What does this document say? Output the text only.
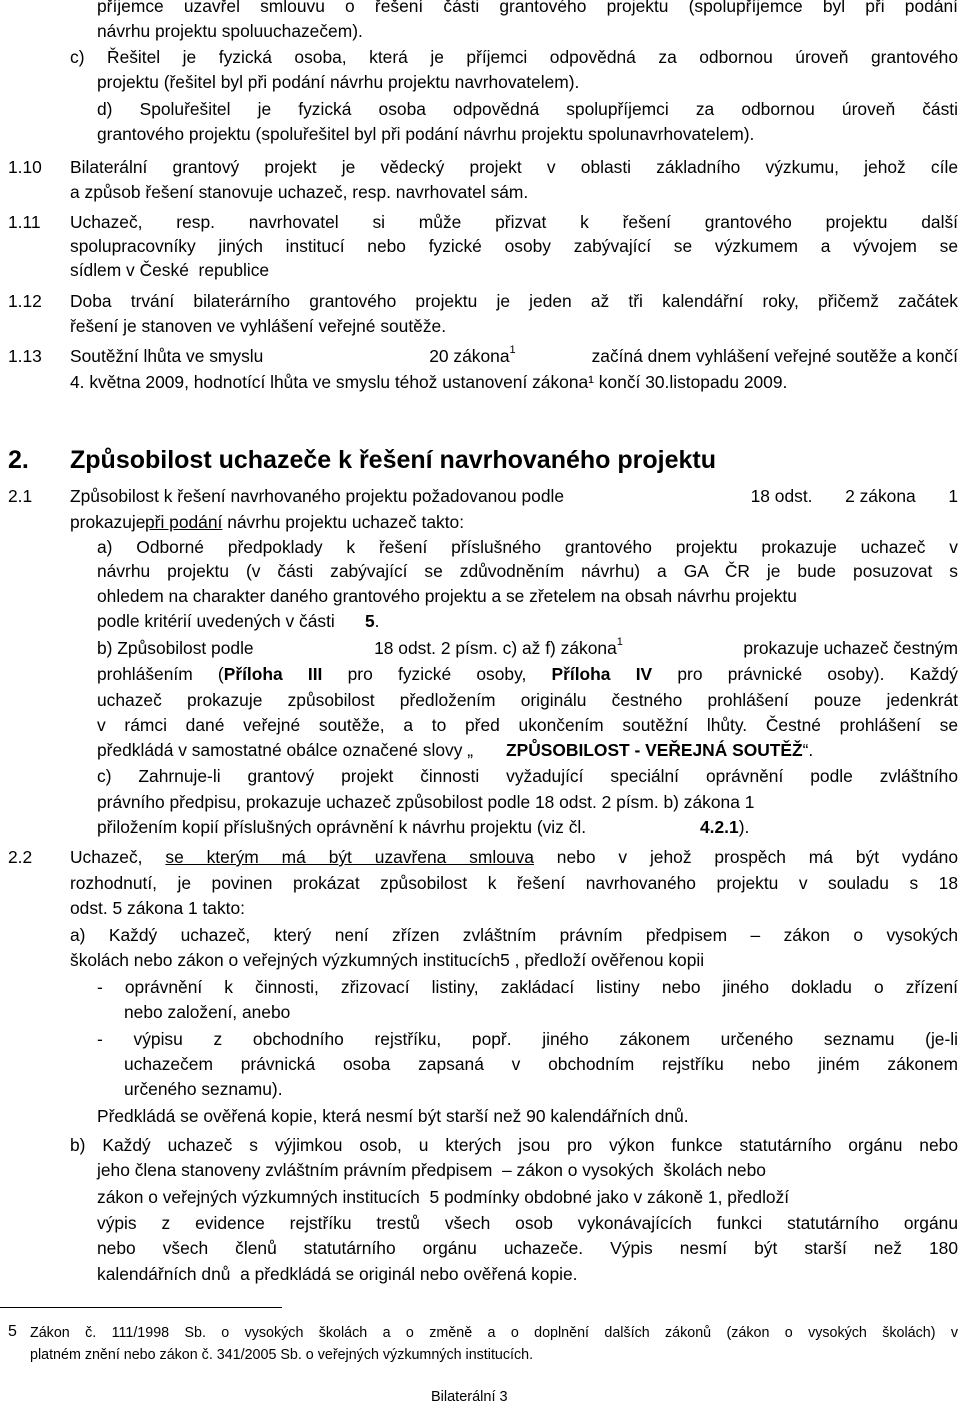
příjemce uzavřel smlouvu o řešení části grantového projektu (spolupříjemce byl při podání
návrhu projektu spoluuchazečem).
c) Řešitel je fyzická osoba, která je příjemci odpovědná za odbornou úroveň grantového
projektu (řešitel byl při podání návrhu projektu navrhovatelem).
d) Spoluřešitel je fyzická osoba odpovědná spolupříjemci za odbornou úroveň části
grantového projektu (spoluřešitel byl při podání návrhu projektu spolunavrhovatelem).
Bilaterální grantový projekt je vědecký projekt v oblasti základního výzkumu, jehož cíle
a způsob řešení stanovuje uchazeč, resp. navrhovatel sám.
Uchazeč, resp. navrhovatel si může přizvat k řešení grantového projektu další
spolupracovníky jiných institucí nebo fyzické osoby zabývající se výzkumem a vývojem se
sídlem v České  republice
Doba trvání bilaterárního grantového projektu je jeden až tři kalendářní roky, přičemž začátek
řešení je stanoven ve vyhlášení veřejné soutěže.
4. května 2009, hodnotící lhůta ve smyslu téhož ustanovení zákona¹ končí 30.listopadu 2009.
Způsobilost k řešení navrhovaného projektu požadovanou podle
prokazuje
ohledem na charakter daného grantového projektu a se zřetelem na obsah návrhu projektu
podle kritérií uvedených v části
uchazeč prokazuje způsobilost předložením originálu čestného prohlášení pouze jedenkrát
v rámci dané veřejné soutěže, a to před ukončením soutěžní lhůty. Čestné prohlášení se
předkládá v samostatné obálce označené slovy „
c) Zahrnuje-li grantový projekt činnosti vyžadující speciální oprávnění podle zvláštního
právního předpisu, prokazuje uchazeč způsobilost podle 18 odst. 2 písm. b) zákona 1
přiložením kopií příslušných oprávnění k návrhu projektu (viz čl.
rozhodnutí, je povinen prokázat způsobilost k řešení navrhovaného projektu v souladu s 18
odst. 5 zákona 1 takto:
a) Každý uchazeč, který není zřízen zvláštním právním předpisem – zákon o vysokých
školách nebo zákon o veřejných výzkumných institucích5 , předloží ověřenou kopii
- oprávnění k činnosti, zřizovací listiny, zakládací listiny nebo jiného dokladu o zřízení
nebo založení, anebo
- výpisu z obchodního rejstříku, popř. jiného zákonem určeného seznamu (je-li
uchazečem právnická osoba zapsaná v obchodním rejstříku nebo jiném zákonem
určeného seznamu).
Předkládá se ověřená kopie, která nesmí být starší než 90 kalendářních dnů.
b) Každý uchazeč s výjimkou osob, u kterých jsou pro výkon funkce statutárního orgánu nebo
jeho člena stanoveny zvláštním právním předpisem  – zákon o vysokých  školách nebo
zákon o veřejných výzkumných institucích  5 podmínky obdobné jako v zákoně 1, předloží
výpis z evidence rejstříku trestů všech osob vykonávajících funkci statutárního orgánu
nebo všech členů statutárního orgánu uchazeče. Výpis nesmí být starší než 180
kalendářních dnů  a předkládá se originál nebo ověřená kopie.
1.10
1.11
1.12
1.13
2.1
2.2
Soutěžní lhůta ve smyslu	20 zákona$^1$	začíná dnem vyhlášení veřejné soutěže a končí
2. Způsobilost uchazeče k řešení navrhovaného projektu
18 odst. 2 zákona 1
při podání návrhu projektu uchazeč takto:
a) Odborné předpoklady k řešení příslušného grantového projektu prokazuje uchazeč v
návrhu projektu (v části zabývající se zdůvodněním návrhu) a GA ČR je bude posuzovat s
5.
b) Způsobilost podle	18 odst. 2 písm. c) až f) zákona$^1$	prokazuje uchazeč čestným
prohlášením (Příloha III pro fyzické osoby, Příloha IV pro právnické osoby). Každý
ZPŮSOBILOST - VEŘEJNÁ SOUTĚŽ“.
4.2.1).
Uchazeč, se kterým má být uzavřena smlouva nebo v jehož prospěch má být vydáno
5 Zákon č. 111/1998 Sb. o vysokých školách a o změně a o doplnění dalších zákonů (zákon o vysokých školách) v
platném znění nebo zákon č. 341/2005 Sb. o veřejných výzkumných institucích.
Bilaterální 3
